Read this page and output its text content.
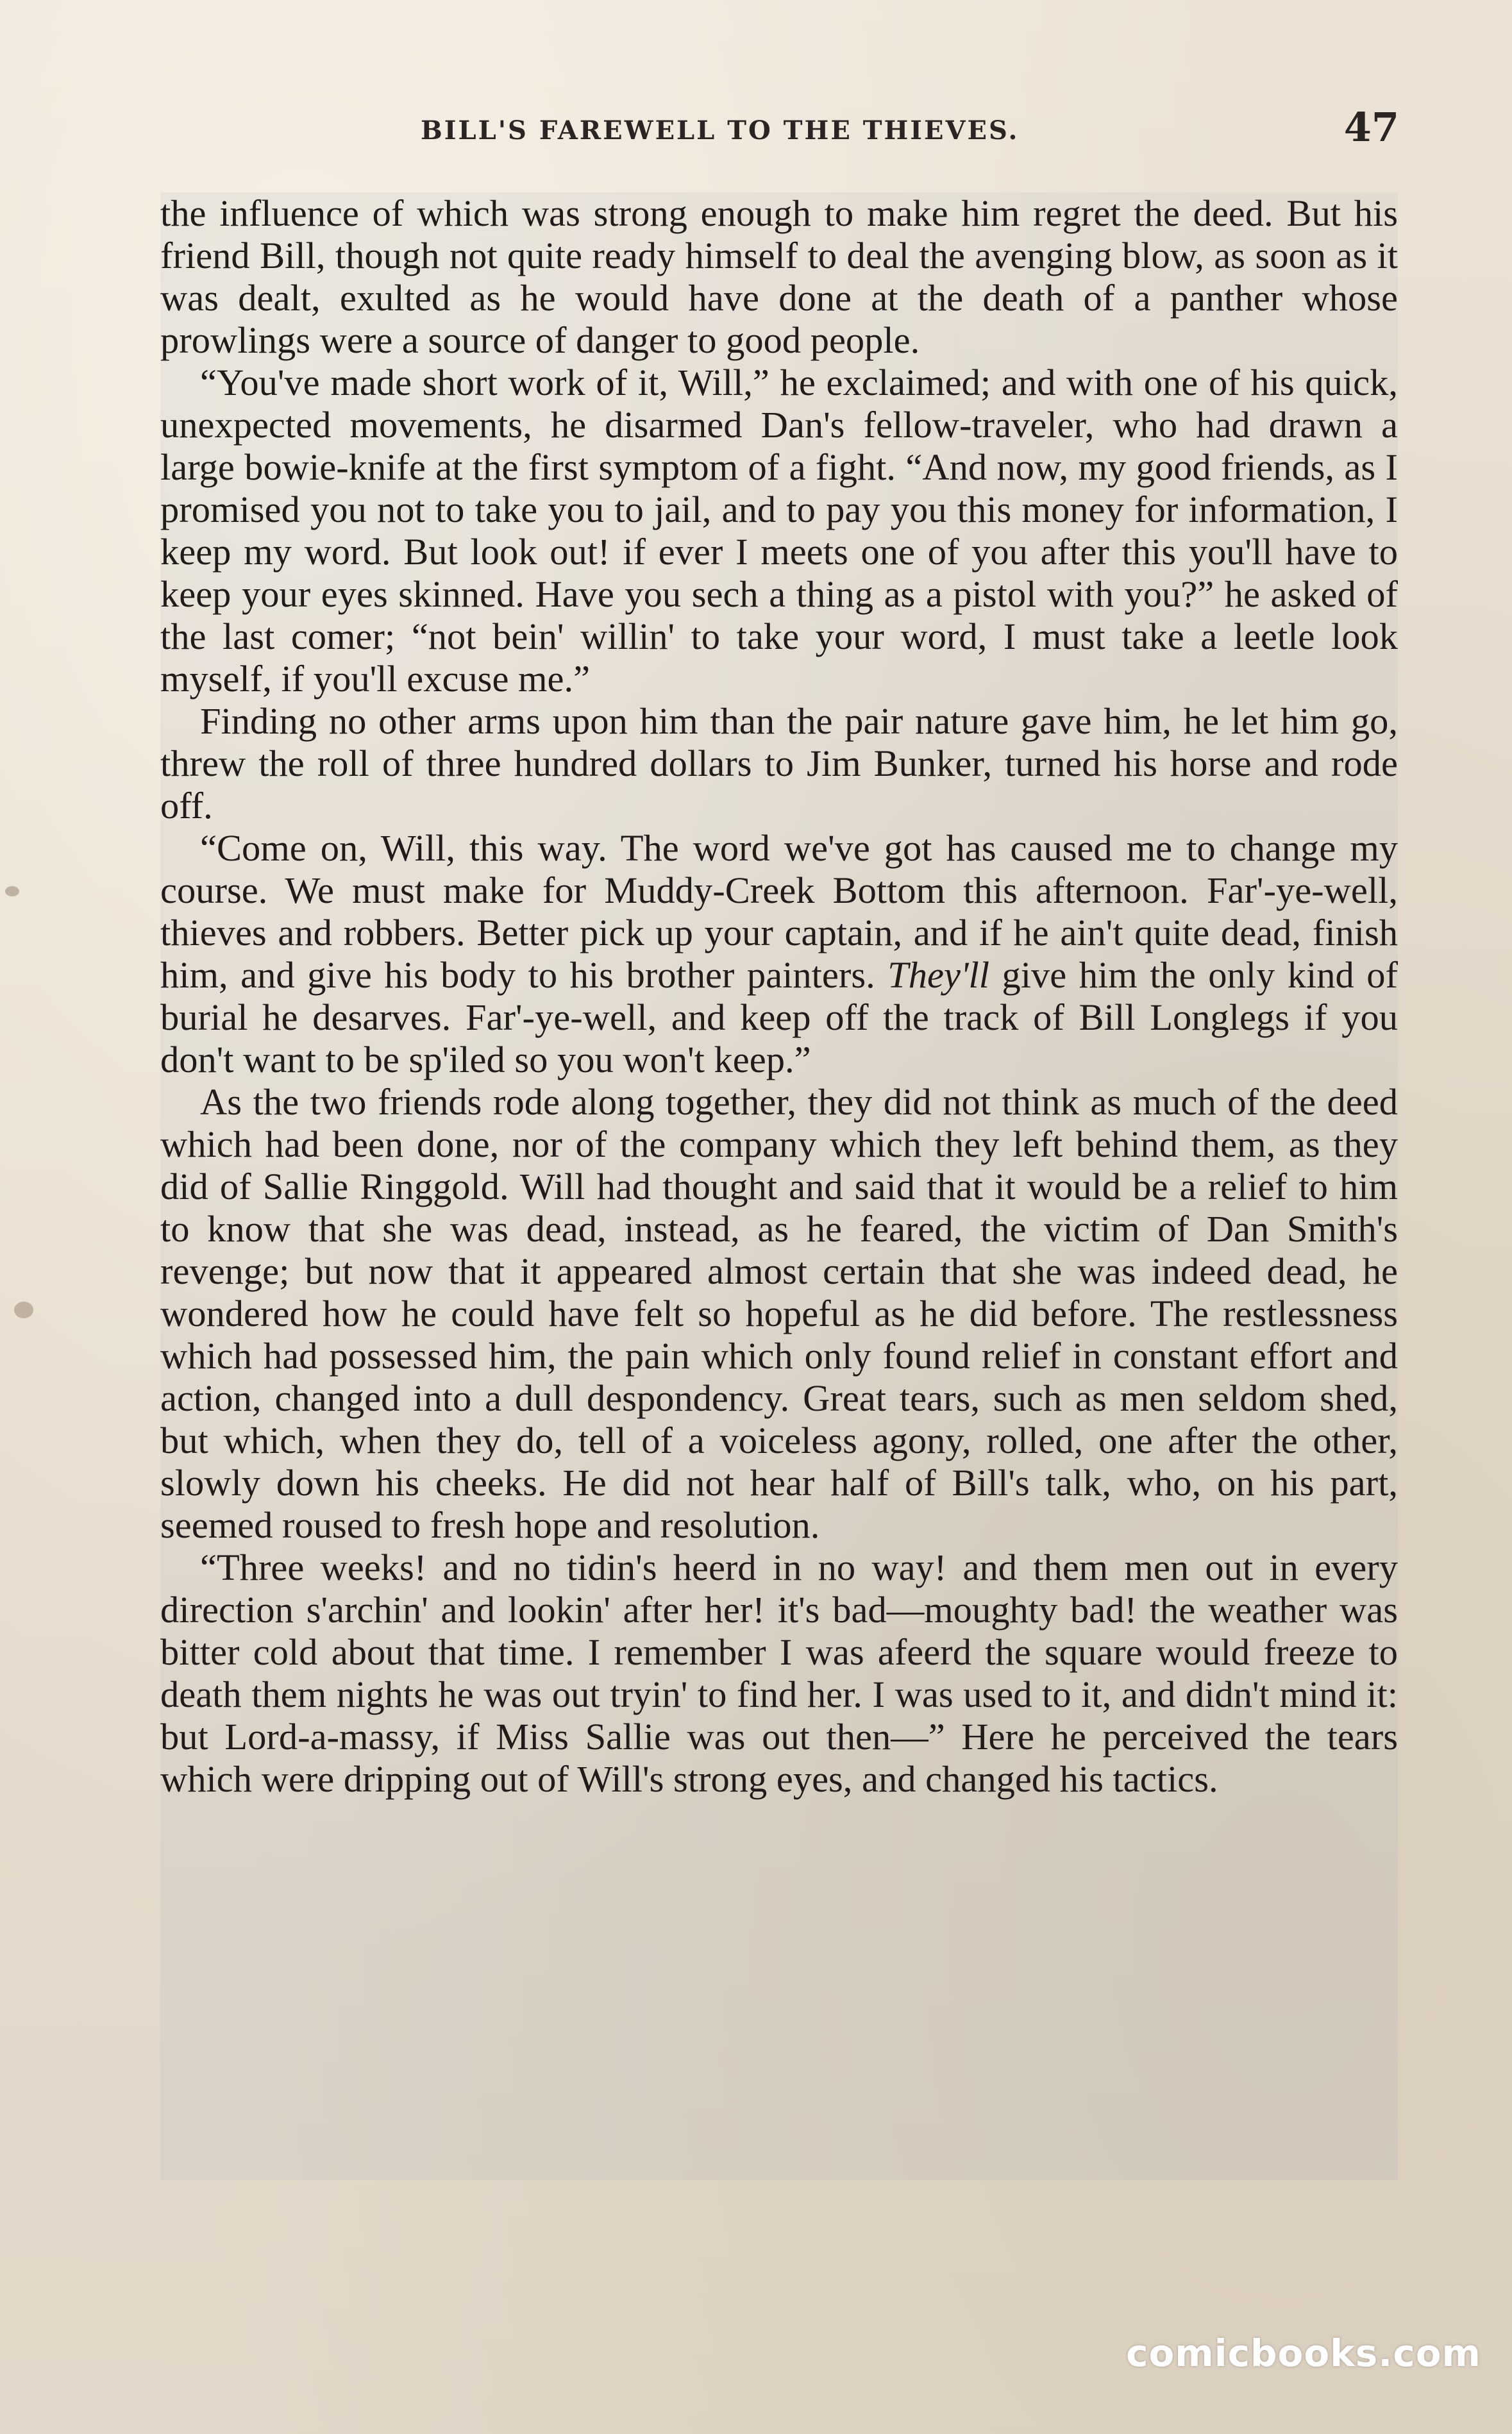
BILL'S FAREWELL TO THE THIEVES.	47

the influence of which was strong enough to make him regret the deed. But his friend Bill, though not quite ready himself to deal the avenging blow, as soon as it was dealt, exulted as he would have done at the death of a panther whose prowlings were a source of danger to good people.

“You've made short work of it, Will,” he exclaimed; and with one of his quick, unexpected movements, he disarmed Dan's fellow-traveler, who had drawn a large bowie-knife at the first symptom of a fight. “And now, my good friends, as I promised you not to take you to jail, and to pay you this money for information, I keep my word. But look out! if ever I meets one of you after this you'll have to keep your eyes skinned. Have you sech a thing as a pistol with you?” he asked of the last comer; “not bein' willin' to take your word, I must take a leetle look myself, if you'll excuse me.”

Finding no other arms upon him than the pair nature gave him, he let him go, threw the roll of three hundred dollars to Jim Bunker, turned his horse and rode off.

“Come on, Will, this way. The word we've got has caused me to change my course. We must make for Muddy-Creek Bottom this afternoon. Far'-ye-well, thieves and robbers. Better pick up your captain, and if he ain't quite dead, finish him, and give his body to his brother painters. They'll give him the only kind of burial he desarves. Far'-ye-well, and keep off the track of Bill Longlegs if you don't want to be sp'iled so you won't keep.”

As the two friends rode along together, they did not think as much of the deed which had been done, nor of the company which they left behind them, as they did of Sallie Ringgold. Will had thought and said that it would be a relief to him to know that she was dead, instead, as he feared, the victim of Dan Smith's revenge; but now that it appeared almost certain that she was indeed dead, he wondered how he could have felt so hopeful as he did before. The restlessness which had possessed him, the pain which only found relief in constant effort and action, changed into a dull despondency. Great tears, such as men seldom shed, but which, when they do, tell of a voiceless agony, rolled, one after the other, slowly down his cheeks. He did not hear half of Bill's talk, who, on his part, seemed roused to fresh hope and resolution.

“Three weeks! and no tidin's heerd in no way! and them men out in every direction s'archin' and lookin' after her! it's bad—moughty bad! the weather was bitter cold about that time. I remember I was afeerd the square would freeze to death them nights he was out tryin' to find her. I was used to it, and didn't mind it: but Lord-a-massy, if Miss Sallie was out then—” Here he perceived the tears which were dripping out of Will's strong eyes, and changed his tactics.

comicbooks.com
